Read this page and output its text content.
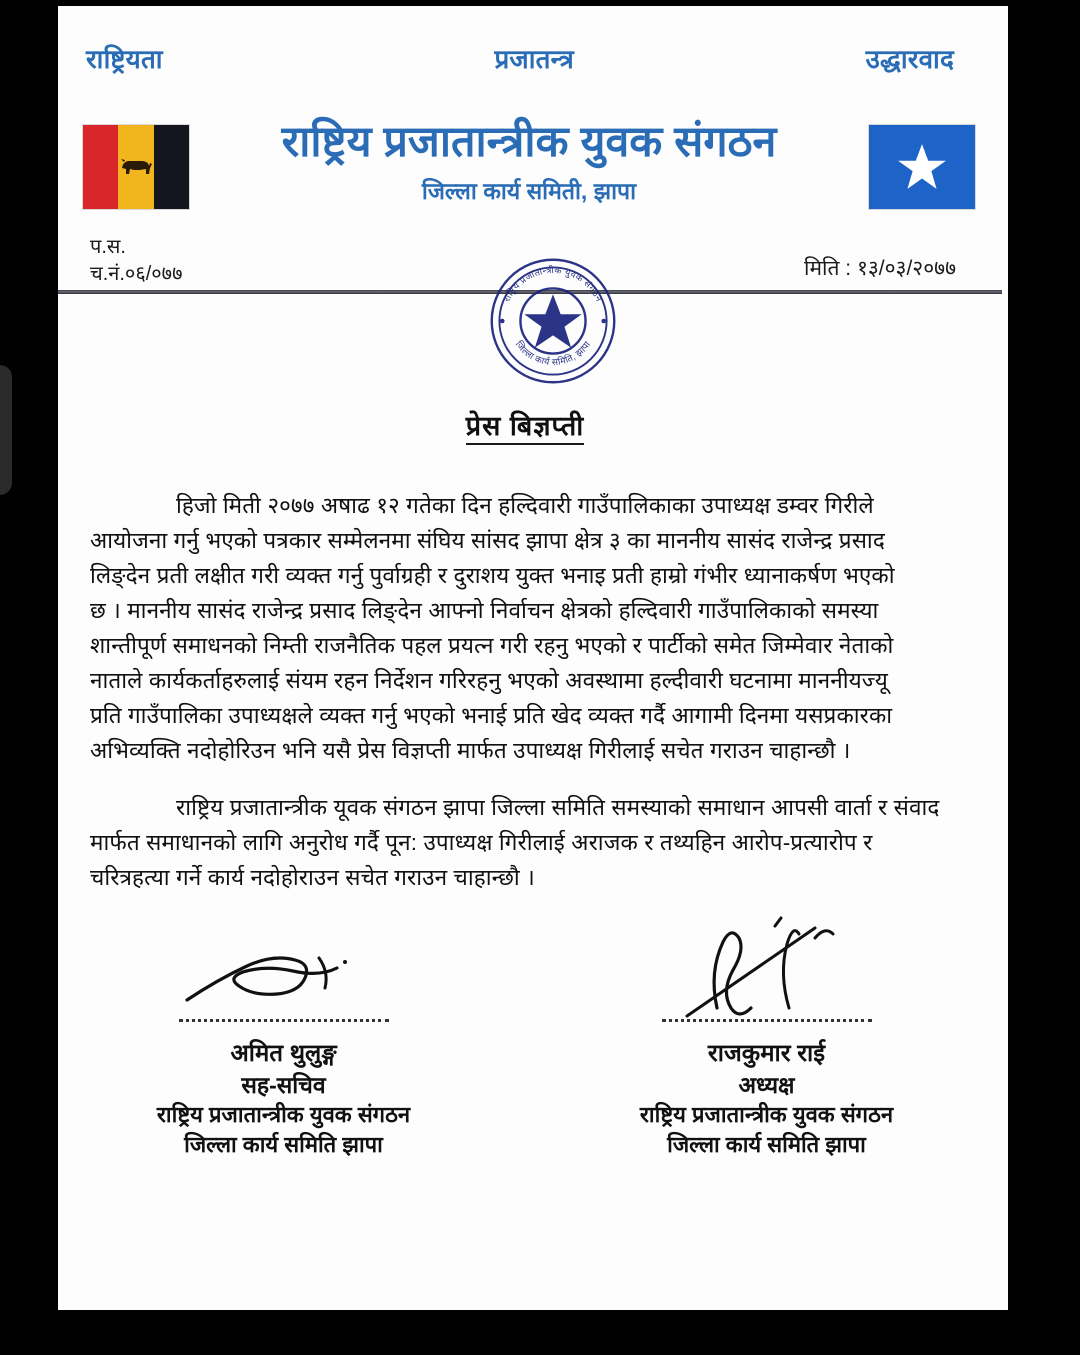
राष्ट्रियता	प्रजातन्त्र	उद्धारवाद
राष्ट्रिय प्रजातान्त्रीक युवक संगठन
जिल्ला कार्य समिती, झापा
प.स.
च.नं.०६/०७७	मिति : १३/०३/२०७७
राष्ट्रिय प्रजातान्त्रीक युवक संगठन
जिल्ला कार्य समिति, झापा
प्रेस बिज्ञप्ती
हिजो मिती २०७७ अषाढ १२ गतेका दिन हल्दिवारी गाउँपालिकाका उपाध्यक्ष डम्वर गिरीले
आयोजना गर्नु भएको पत्रकार सम्मेलनमा संघिय सांसद झापा क्षेत्र ३ का माननीय सासंद राजेन्द्र प्रसाद
लिङ्देन प्रती लक्षीत गरी व्यक्त गर्नु पुर्वाग्रही र दुराशय युक्त भनाइ प्रती हाम्रो गंभीर ध्यानाकर्षण भएको
छ । माननीय सासंद राजेन्द्र प्रसाद लिङ्देन आफ्नो निर्वाचन क्षेत्रको हल्दिवारी गाउँपालिकाको समस्या
शान्तीपूर्ण समाधनको निम्ती राजनैतिक पहल प्रयत्न गरी रहनु भएको र पार्टीको समेत जिम्मेवार नेताको
नाताले कार्यकर्ताहरुलाई संयम रहन निर्देशन गरिरहनु भएको अवस्थामा हल्दीवारी घटनामा माननीयज्यू
प्रति गाउँपालिका उपाध्यक्षले व्यक्त गर्नु भएको भनाई प्रति खेद व्यक्त गर्दै आगामी दिनमा यसप्रकारका
अभिव्यक्ति नदोहोरिउन भनि यसै प्रेस विज्ञप्ती मार्फत उपाध्यक्ष गिरीलाई सचेत गराउन चाहान्छौ ।
राष्ट्रिय प्रजातान्त्रीक यूवक संगठन झापा जिल्ला समिति समस्याको समाधान आपसी वार्ता र संवाद
मार्फत समाधानको लागि अनुरोध गर्दै पून: उपाध्यक्ष गिरीलाई अराजक र तथ्यहिन आरोप-प्रत्यारोप र
चरित्रहत्या गर्ने कार्य नदोहोराउन सचेत गराउन चाहान्छौ ।
अमित थुलुङ्ग
सह-सचिव
राष्ट्रिय प्रजातान्त्रीक युवक संगठन
जिल्ला कार्य समिति झापा
राजकुमार राई
अध्यक्ष
राष्ट्रिय प्रजातान्त्रीक युवक संगठन
जिल्ला कार्य समिति झापा
